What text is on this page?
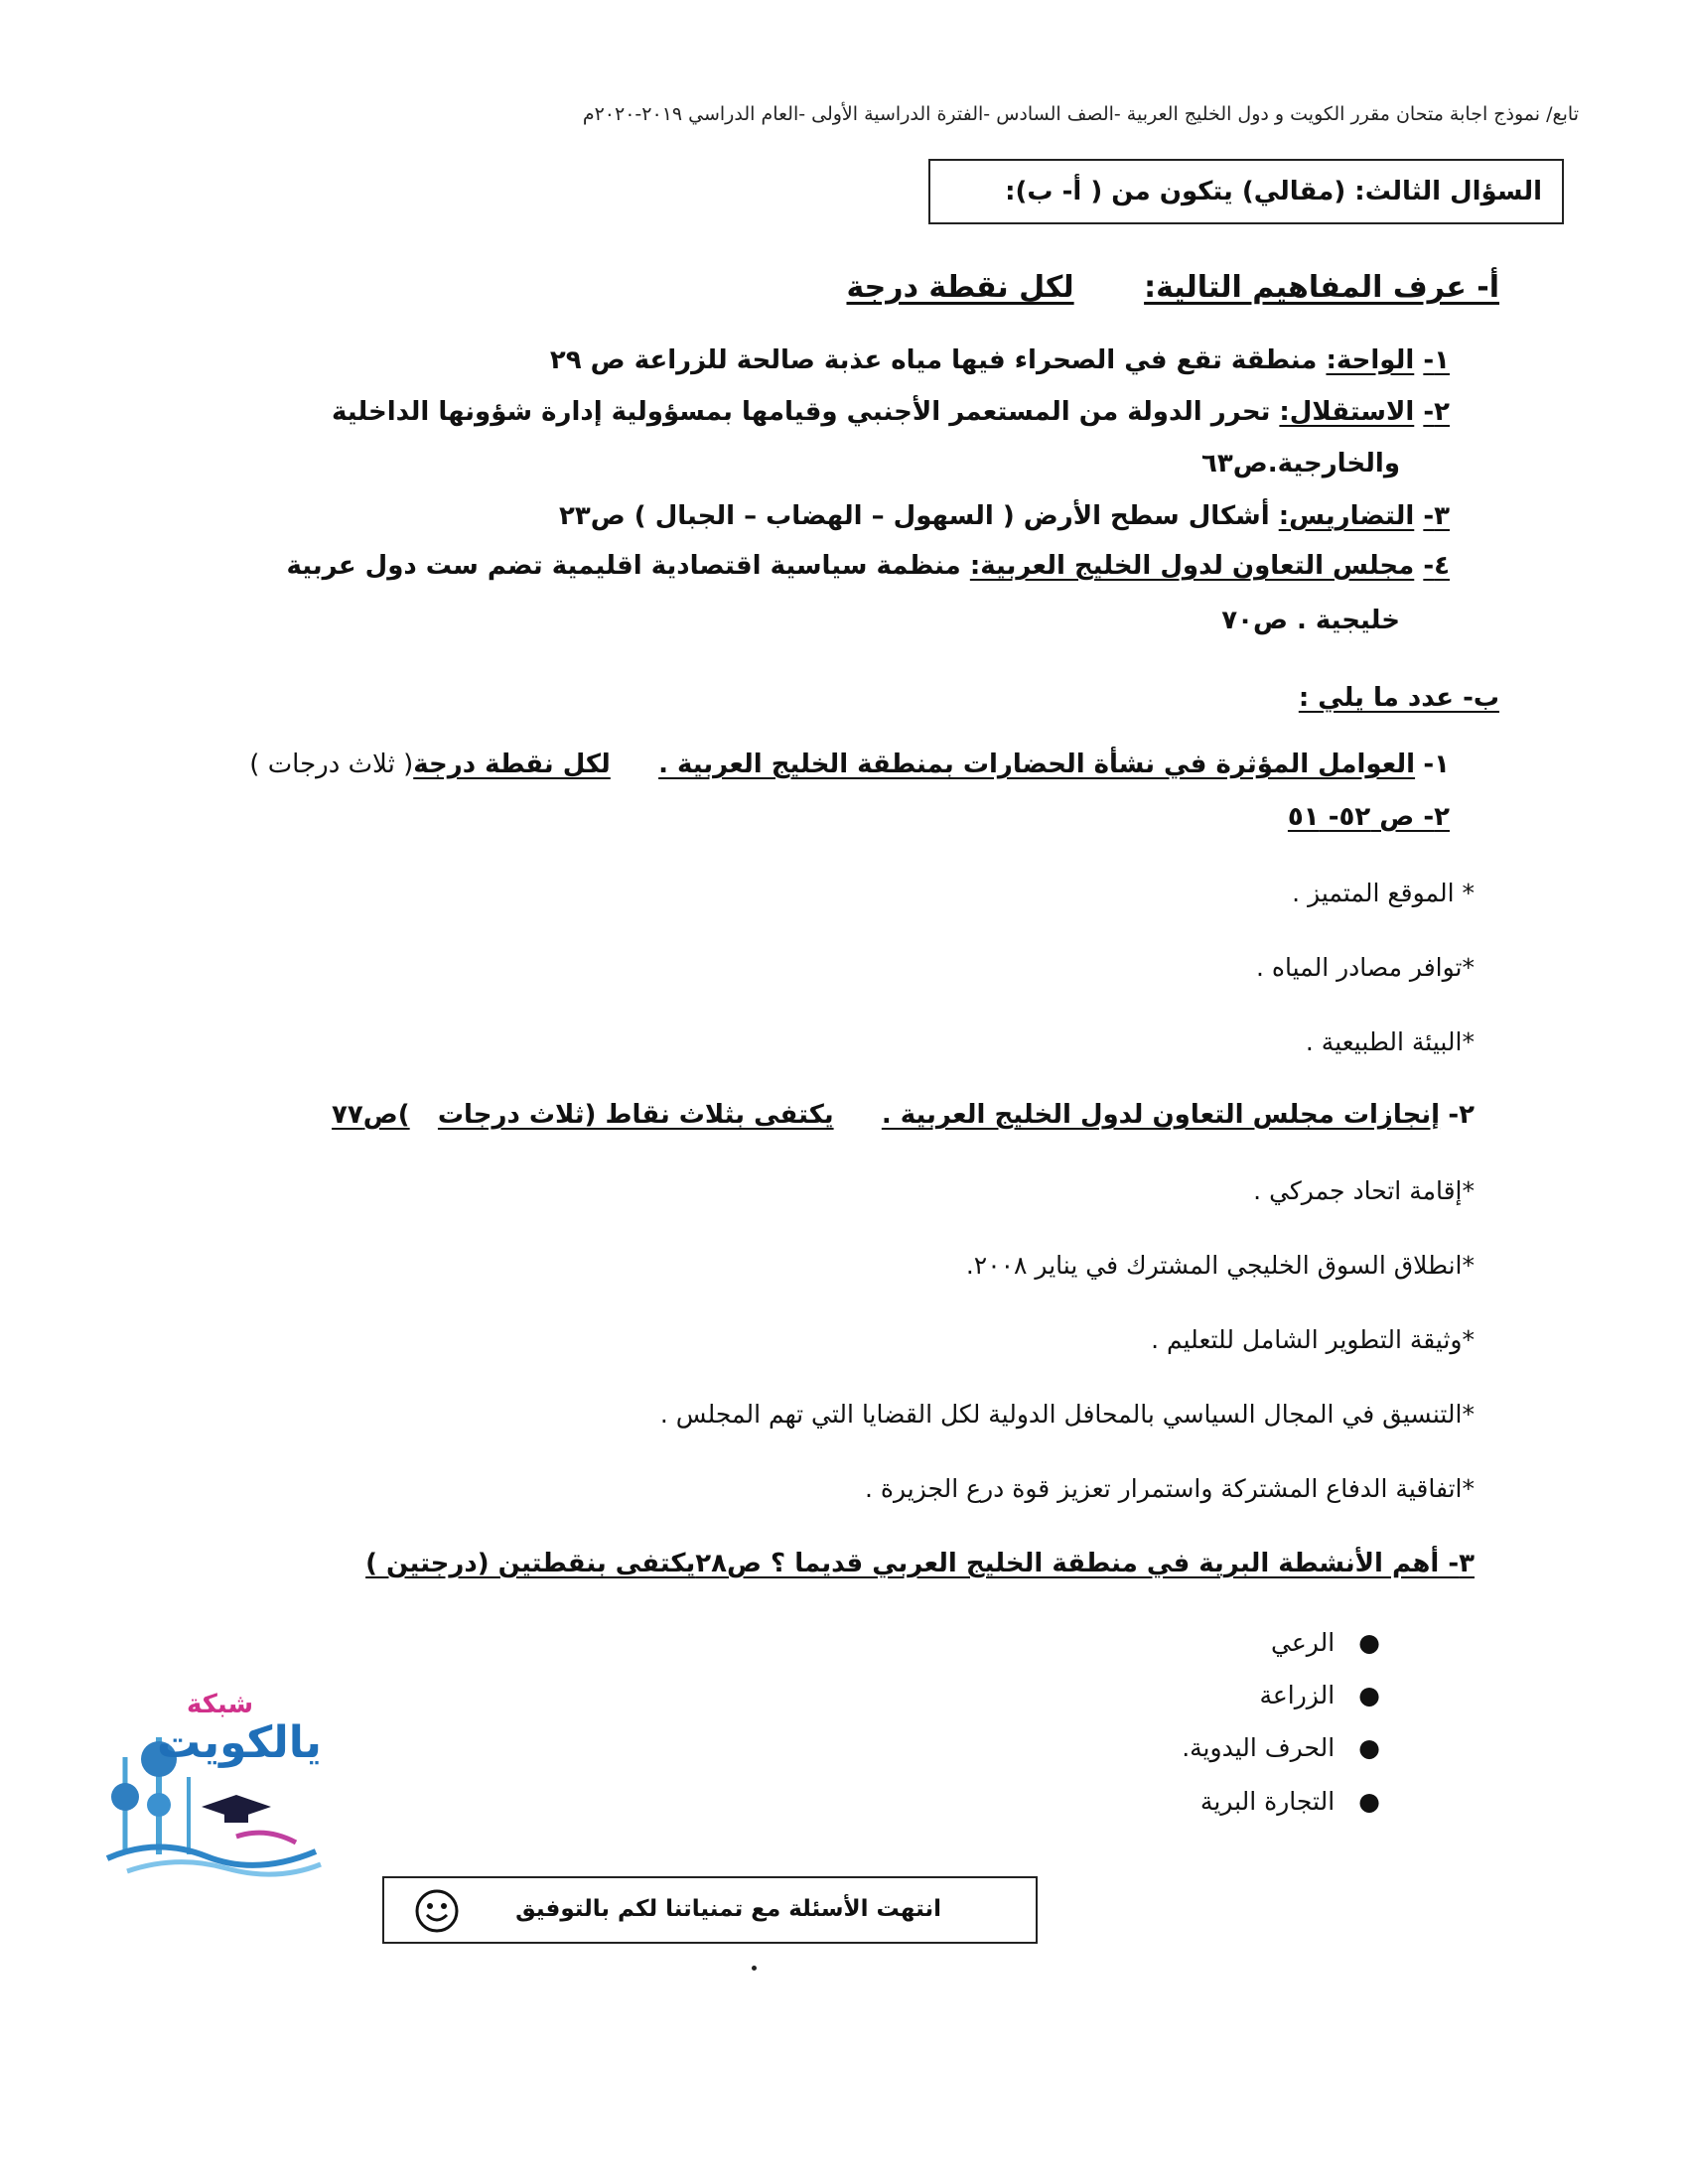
تابع/ نموذج اجابة متحان مقرر الكويت و دول الخليج العربية -الصف السادس -الفترة الدراسية الأولى -العام الدراسي ٢٠١٩-٢٠٢٠م
السؤال الثالث: (مقالي) يتكون من ( أ- ب):
أ- عرف المفاهيم التالية: لكل نقطة درجة
١- الواحة: منطقة تقع في الصحراء فيها مياه عذبة صالحة للزراعة ص ٢٩
٢- الاستقلال: تحرر الدولة من المستعمر الأجنبي وقيامها بمسؤولية إدارة شؤونها الداخلية
والخارجية.ص٦٣
٣- التضاريس: أشكال سطح الأرض ( السهول – الهضاب – الجبال ) ص٢٣
٤- مجلس التعاون لدول الخليج العربية: منظمة سياسية اقتصادية اقليمية تضم ست دول عربية
خليجية . ص٧٠
ب- عدد ما يلي :
١- العوامل المؤثرة في نشأة الحضارات بمنطقة الخليج العربية . لكل نقطة درجة( ثلاث درجات )
٢- ص ٥٢- ٥١
* الموقع المتميز .
*توافر مصادر المياه .
*البيئة الطبيعية .
٢- إنجازات مجلس التعاون لدول الخليج العربية . يكتفى بثلاث نقاط (ثلاث درجات )ص٧٧
*إقامة اتحاد جمركي .
*انطلاق السوق الخليجي المشترك في يناير ٢٠٠٨.
*وثيقة التطوير الشامل للتعليم .
*التنسيق في المجال السياسي بالمحافل الدولية لكل القضايا التي تهم المجلس .
*اتفاقية الدفاع المشتركة واستمرار تعزيز قوة درع الجزيرة .
٣- أهم الأنشطة البرية في منطقة الخليج العربي قديما ؟ ص٢٨يكتفى بنقطتين (درجتين )
●الرعي
●الزراعة
●الحرف اليدوية.
●التجارة البرية
شبكة
يالكويت
انتهت الأسئلة مع تمنياتنا لكم بالتوفيق
